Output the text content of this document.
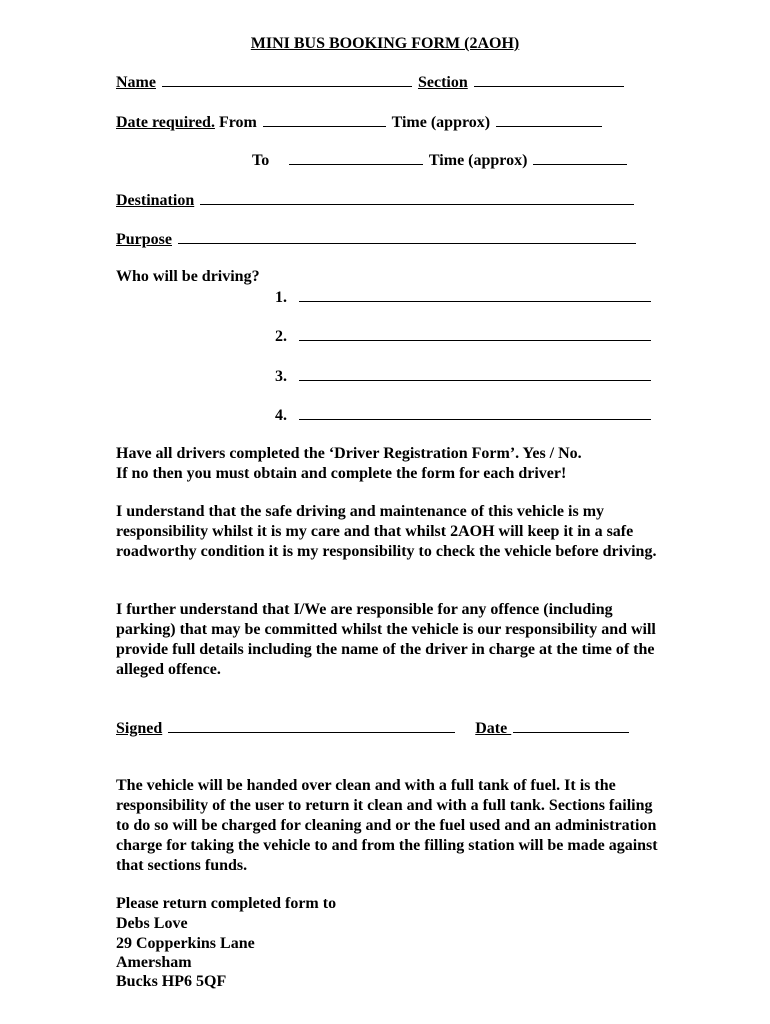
MINI BUS BOOKING FORM (2AOH)
Name	Section
Date required. From	Time (approx)
To	Time (approx)
Destination
Purpose
Who will be driving?
1.
2.
3.
4.
Have all drivers completed the ‘Driver Registration Form’. Yes / No.
If no then you must obtain and complete the form for each driver!
I understand that the safe driving and maintenance of this vehicle is my responsibility whilst it is my care and that whilst 2AOH will keep it in a safe roadworthy condition it is my responsibility to check the vehicle before driving.
I further understand that I/We are responsible for any offence (including parking) that may be committed whilst the vehicle is our responsibility and will provide full details including the name of the driver in charge at the time of the alleged offence.
Signed	Date
The vehicle will be handed over clean and with a full tank of fuel. It is the responsibility of the user to return it clean and with a full tank. Sections failing to do so will be charged for cleaning and or the fuel used and an administration charge for taking the vehicle to and from the filling station will be made against that sections funds.
Please return completed form to
Debs Love
29 Copperkins Lane
Amersham
Bucks HP6 5QF
